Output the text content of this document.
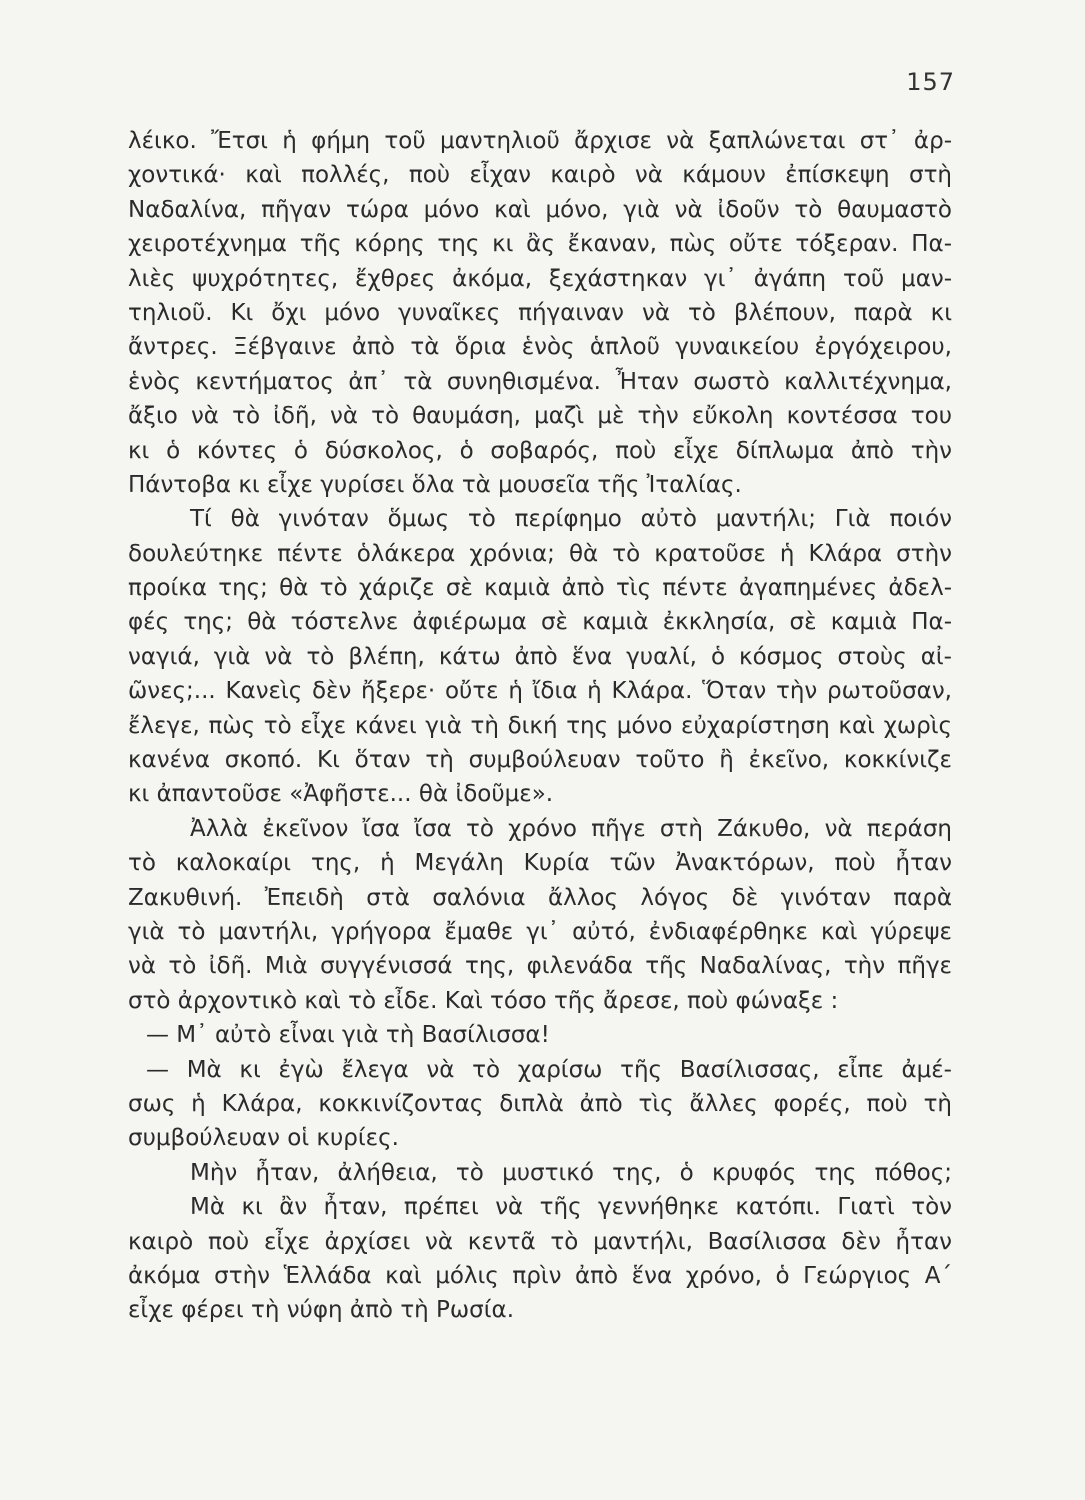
157
λέικο. Ἔτσι ἡ φήμη τοῦ μαντηλιοῦ ἄρχισε νὰ ξαπλώνεται στ᾿ ἀρ-
χοντικά· καὶ πολλές, ποὺ εἶχαν καιρὸ νὰ κάμουν ἐπίσκεψη στὴ
Ναδαλίνα, πῆγαν τώρα μόνο καὶ μόνο, γιὰ νὰ ἰδοῦν τὸ θαυμαστὸ
χειροτέχνημα τῆς κόρης της κι ἂς ἔκαναν, πὼς οὔτε τόξεραν. Πα-
λιὲς ψυχρότητες, ἔχθρες ἀκόμα, ξεχάστηκαν γι᾿ ἀγάπη τοῦ μαν-
τηλιοῦ. Κι ὄχι μόνο γυναῖκες πήγαιναν νὰ τὸ βλέπουν, παρὰ κι
ἄντρες. Ξέβγαινε ἀπὸ τὰ ὅρια ἑνὸς ἁπλοῦ γυναικείου ἐργόχειρου,
ἑνὸς κεντήματος ἀπ᾿ τὰ συνηθισμένα. Ἦταν σωστὸ καλλιτέχνημα,
ἄξιο νὰ τὸ ἰδῆ, νὰ τὸ θαυμάση, μαζὶ μὲ τὴν εὔκολη κοντέσσα του
κι ὁ κόντες ὁ δύσκολος, ὁ σοβαρός, ποὺ εἶχε δίπλωμα ἀπὸ τὴν
Πάντοβα κι εἶχε γυρίσει ὅλα τὰ μουσεῖα τῆς Ἰταλίας.
Τί θὰ γινόταν ὅμως τὸ περίφημο αὐτὸ μαντήλι; Γιὰ ποιόν
δουλεύτηκε πέντε ὁλάκερα χρόνια; θὰ τὸ κρατοῦσε ἡ Κλάρα στὴν
προίκα της; θὰ τὸ χάριζε σὲ καμιὰ ἀπὸ τὶς πέντε ἀγαπημένες ἀδελ-
φές της; θὰ τόστελνε ἀφιέρωμα σὲ καμιὰ ἐκκλησία, σὲ καμιὰ Πα-
ναγιά, γιὰ νὰ τὸ βλέπη, κάτω ἀπὸ ἕνα γυαλί, ὁ κόσμος στοὺς αἰ-
ῶνες;... Κανεὶς δὲν ἤξερε· οὔτε ἡ ἴδια ἡ Κλάρα. Ὅταν τὴν ρωτοῦσαν,
ἔλεγε, πὼς τὸ εἶχε κάνει γιὰ τὴ δική της μόνο εὐχαρίστηση καὶ χωρὶς
κανένα σκοπό. Κι ὅταν τὴ συμβούλευαν τοῦτο ἢ ἐκεῖνο, κοκκίνιζε
κι ἀπαντοῦσε «Ἀφῆστε... θὰ ἰδοῦμε».
Ἀλλὰ ἐκεῖνον ἴσα ἴσα τὸ χρόνο πῆγε στὴ Ζάκυθο, νὰ περάση
τὸ καλοκαίρι της, ἡ Μεγάλη Κυρία τῶν Ἀνακτόρων, ποὺ ἦταν
Ζακυθινή. Ἐπειδὴ στὰ σαλόνια ἄλλος λόγος δὲ γινόταν παρὰ
γιὰ τὸ μαντήλι, γρήγορα ἔμαθε γι᾿ αὐτό, ἐνδιαφέρθηκε καὶ γύρεψε
νὰ τὸ ἰδῆ. Μιὰ συγγένισσά της, φιλενάδα τῆς Ναδαλίνας, τὴν πῆγε
στὸ ἀρχοντικὸ καὶ τὸ εἶδε. Καὶ τόσο τῆς ἄρεσε, ποὺ φώναξε :
— Μ᾿ αὐτὸ εἶναι γιὰ τὴ Βασίλισσα!
— Μὰ κι ἐγὼ ἔλεγα νὰ τὸ χαρίσω τῆς Βασίλισσας, εἶπε ἀμέ-
σως ἡ Κλάρα, κοκκινίζοντας διπλὰ ἀπὸ τὶς ἄλλες φορές, ποὺ τὴ
συμβούλευαν οἱ κυρίες.
Μὴν ἦταν, ἀλήθεια, τὸ μυστικό της, ὁ κρυφός της πόθος;
Μὰ κι ἂν ἦταν, πρέπει νὰ τῆς γεννήθηκε κατόπι. Γιατὶ τὸν
καιρὸ ποὺ εἶχε ἀρχίσει νὰ κεντᾶ τὸ μαντήλι, Βασίλισσα δὲν ἦταν
ἀκόμα στὴν Ἑλλάδα καὶ μόλις πρὶν ἀπὸ ἕνα χρόνο, ὁ Γεώργιος Α´
εἶχε φέρει τὴ νύφη ἀπὸ τὴ Ρωσία.
